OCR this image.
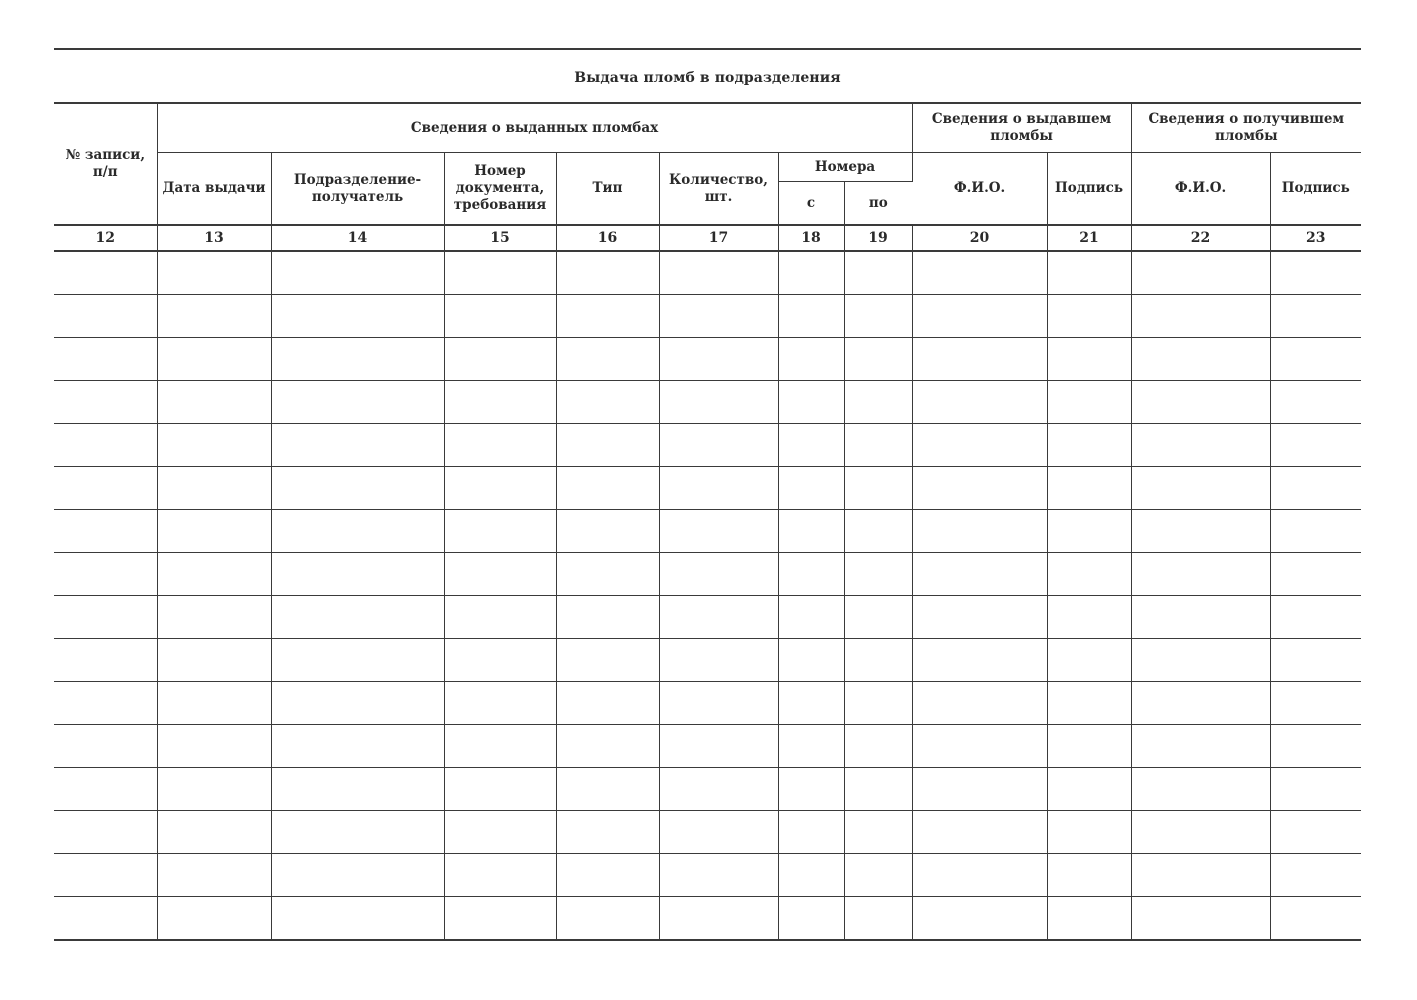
Выдача пломб в подразделения
№ записи, п/п	Сведения о выданных пломбах							Сведения о выдавшем пломбы		Сведения о получившем пломбы	
	Дата выдачи	Подразделение-получатель	Номер документа, требования	Тип	Количество, шт.	Номера		Ф.И.О.	Подпись	Ф.И.О.	Подпись
						с	по				
12	13	14	15	16	17	18	19	20	21	22	23
